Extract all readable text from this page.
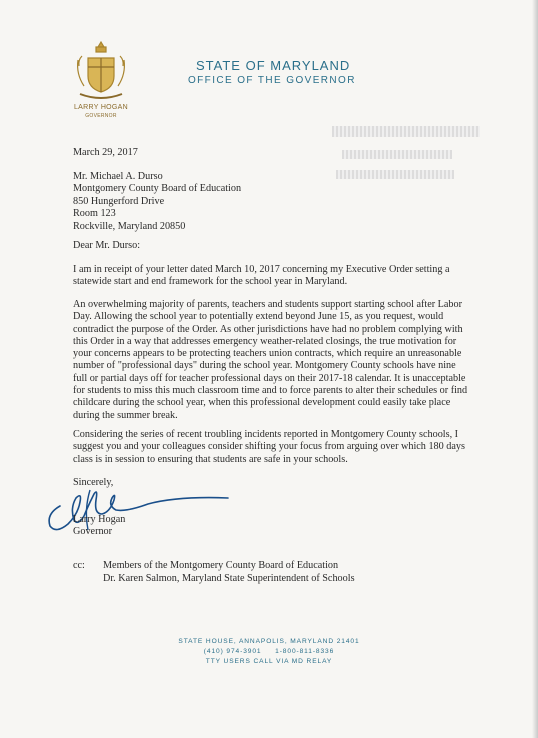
LARRY HOGAN
GOVERNOR
STATE OF MARYLAND
OFFICE OF THE GOVERNOR
March 29, 2017
Mr. Michael A. Durso
Montgomery County Board of Education
850 Hungerford Drive
Room 123
Rockville, Maryland 20850
Dear Mr. Durso:
I am in receipt of your letter dated March 10, 2017 concerning my Executive Order setting a
statewide start and end framework for the school year in Maryland.
An overwhelming majority of parents, teachers and students support starting school after Labor
Day. Allowing the school year to potentially extend beyond June 15, as you request, would
contradict the purpose of the Order. As other jurisdictions have had no problem complying with
this Order in a way that addresses emergency weather-related closings, the true motivation for
your concerns appears to be protecting teachers union contracts, which require an unreasonable
number of "professional days" during the school year. Montgomery County schools have nine
full or partial days off for teacher professional days on their 2017-18 calendar. It is unacceptable
for students to miss this much classroom time and to force parents to alter their schedules or find
childcare during the school year, when this professional development could easily take place
during the summer break.
Considering the series of recent troubling incidents reported in Montgomery County schools, I
suggest you and your colleagues consider shifting your focus from arguing over which 180 days
class is in session to ensuring that students are safe in your schools.
Sincerely,
Larry Hogan
Governor
cc: Members of the Montgomery County Board of Education
Dr. Karen Salmon, Maryland State Superintendent of Schools
STATE HOUSE, ANNAPOLIS, MARYLAND 21401
(410) 974-3901     1-800-811-8336
TTY USERS CALL VIA MD RELAY
